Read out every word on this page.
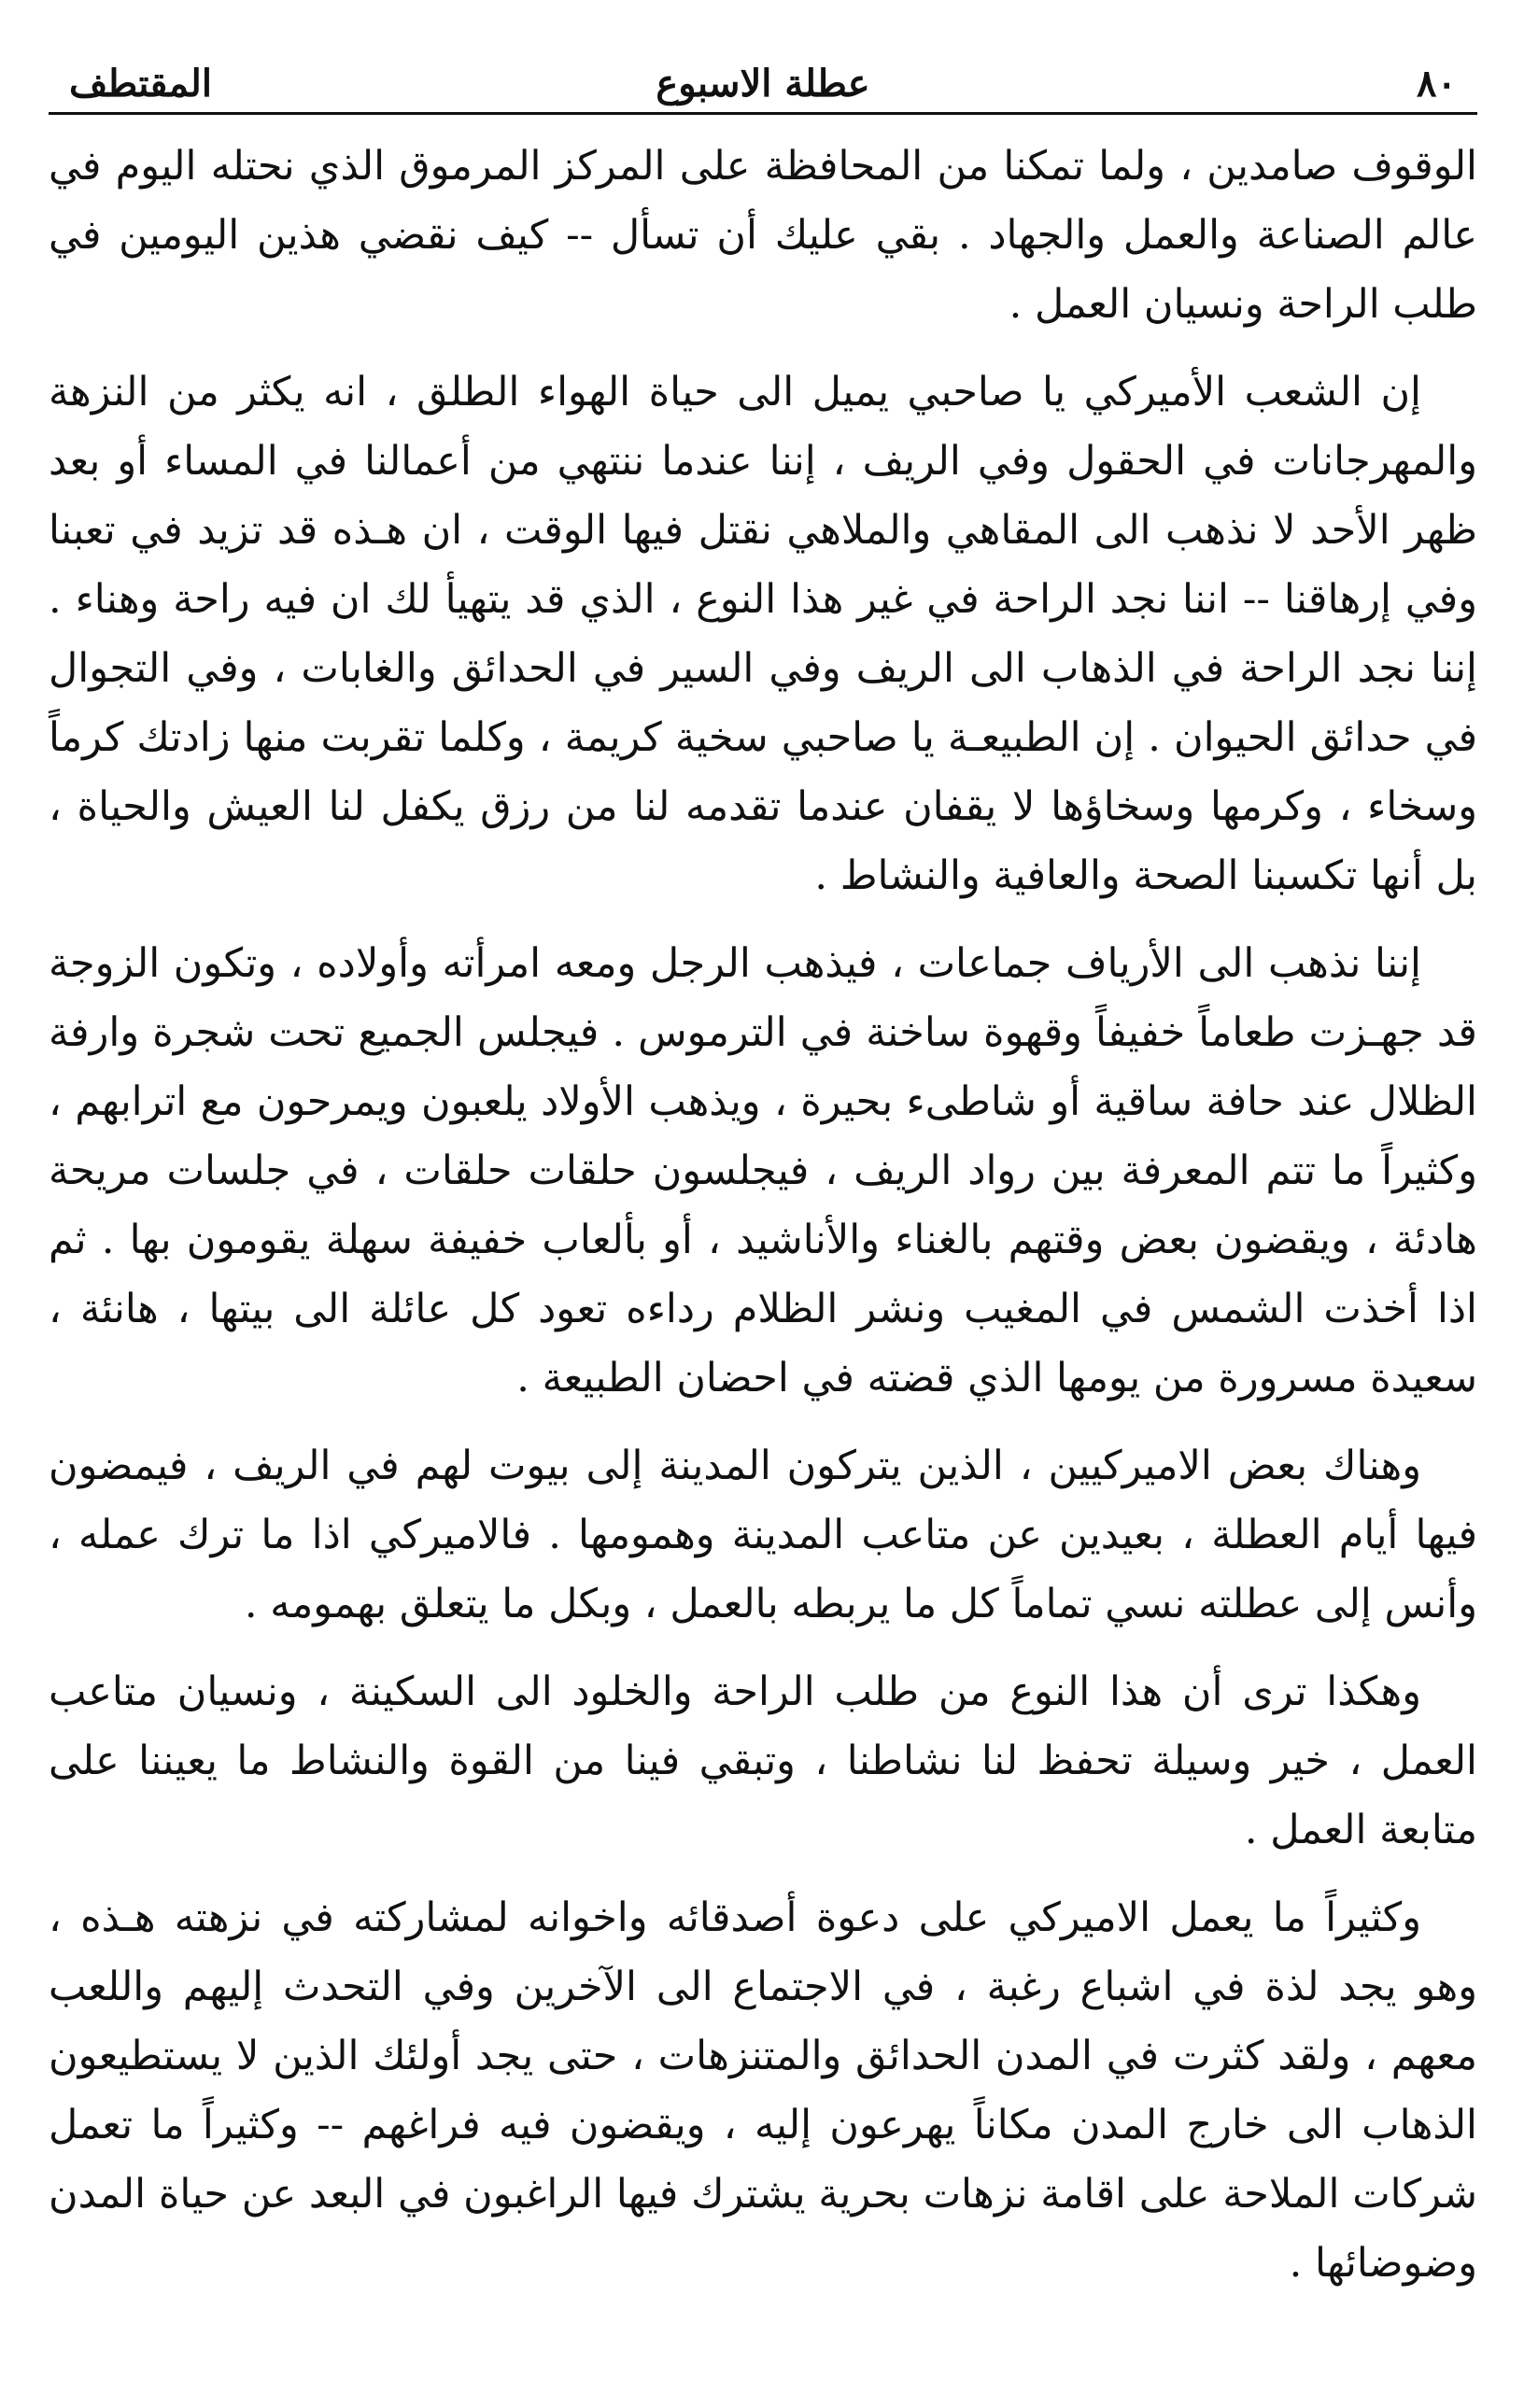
٨٠
عطلة الاسبوع
المقتطف

الوقوف صامدين ، ولما تمكنا من المحافظة على المركز المرموق الذي نحتله اليوم في عالم الصناعة والعمل والجهاد . بقي عليك أن تسأل -- كيف نقضي هذين اليومين في طلب الراحة ونسيان العمل .

إن الشعب الأميركي يا صاحبي يميل الى حياة الهواء الطلق ، انه يكثر من النزهة والمهرجانات في الحقول وفي الريف ، إننا عندما ننتهي من أعمالنا في المساء أو بعد ظهر الأحد لا نذهب الى المقاهي والملاهي نقتل فيها الوقت ، ان هـذه قد تزيد في تعبنا وفي إرهاقنا -- اننا نجد الراحة في غير هذا النوع ، الذي قد يتهيأ لك ان فيه راحة وهناء . إننا نجد الراحة في الذهاب الى الريف وفي السير في الحدائق والغابات ، وفي التجوال في حدائق الحيوان . إن الطبيعـة يا صاحبي سخية كريمة ، وكلما تقربت منها زادتك كرماً وسخاء ، وكرمها وسخاؤها لا يقفان عندما تقدمه لنا من رزق يكفل لنا العيش والحياة ، بل أنها تكسبنا الصحة والعافية والنشاط .

إننا نذهب الى الأرياف جماعات ، فيذهب الرجل ومعه امرأته وأولاده ، وتكون الزوجة قد جهـزت طعاماً خفيفاً وقهوة ساخنة في الترموس . فيجلس الجميع تحت شجرة وارفة الظلال عند حافة ساقية أو شاطىء بحيرة ، ويذهب الأولاد يلعبون ويمرحون مع اترابهم ، وكثيراً ما تتم المعرفة بين رواد الريف ، فيجلسون حلقات حلقات ، في جلسات مريحة هادئة ، ويقضون بعض وقتهم بالغناء والأناشيد ، أو بألعاب خفيفة سهلة يقومون بها . ثم اذا أخذت الشمس في المغيب ونشر الظلام رداءه تعود كل عائلة الى بيتها ، هانئة ، سعيدة مسرورة من يومها الذي قضته في احضان الطبيعة .

وهناك بعض الاميركيين ، الذين يتركون المدينة إلى بيوت لهم في الريف ، فيمضون فيها أيام العطلة ، بعيدين عن متاعب المدينة وهمومها . فالاميركي اذا ما ترك عمله ، وأنس إلى عطلته نسي تماماً كل ما يربطه بالعمل ، وبكل ما يتعلق بهمومه .

وهكذا ترى أن هذا النوع من طلب الراحة والخلود الى السكينة ، ونسيان متاعب العمل ، خير وسيلة تحفظ لنا نشاطنا ، وتبقي فينا من القوة والنشاط ما يعيننا على متابعة العمل .

وكثيراً ما يعمل الاميركي على دعوة أصدقائه واخوانه لمشاركته في نزهته هـذه ، وهو يجد لذة في اشباع رغبة ، في الاجتماع الى الآخرين وفي التحدث إليهم واللعب معهم ، ولقد كثرت في المدن الحدائق والمتنزهات ، حتى يجد أولئك الذين لا يستطيعون الذهاب الى خارج المدن مكاناً يهرعون إليه ، ويقضون فيه فراغهم -- وكثيراً ما تعمل شركات الملاحة على اقامة نزهات بحرية يشترك فيها الراغبون في البعد عن حياة المدن وضوضائها .
